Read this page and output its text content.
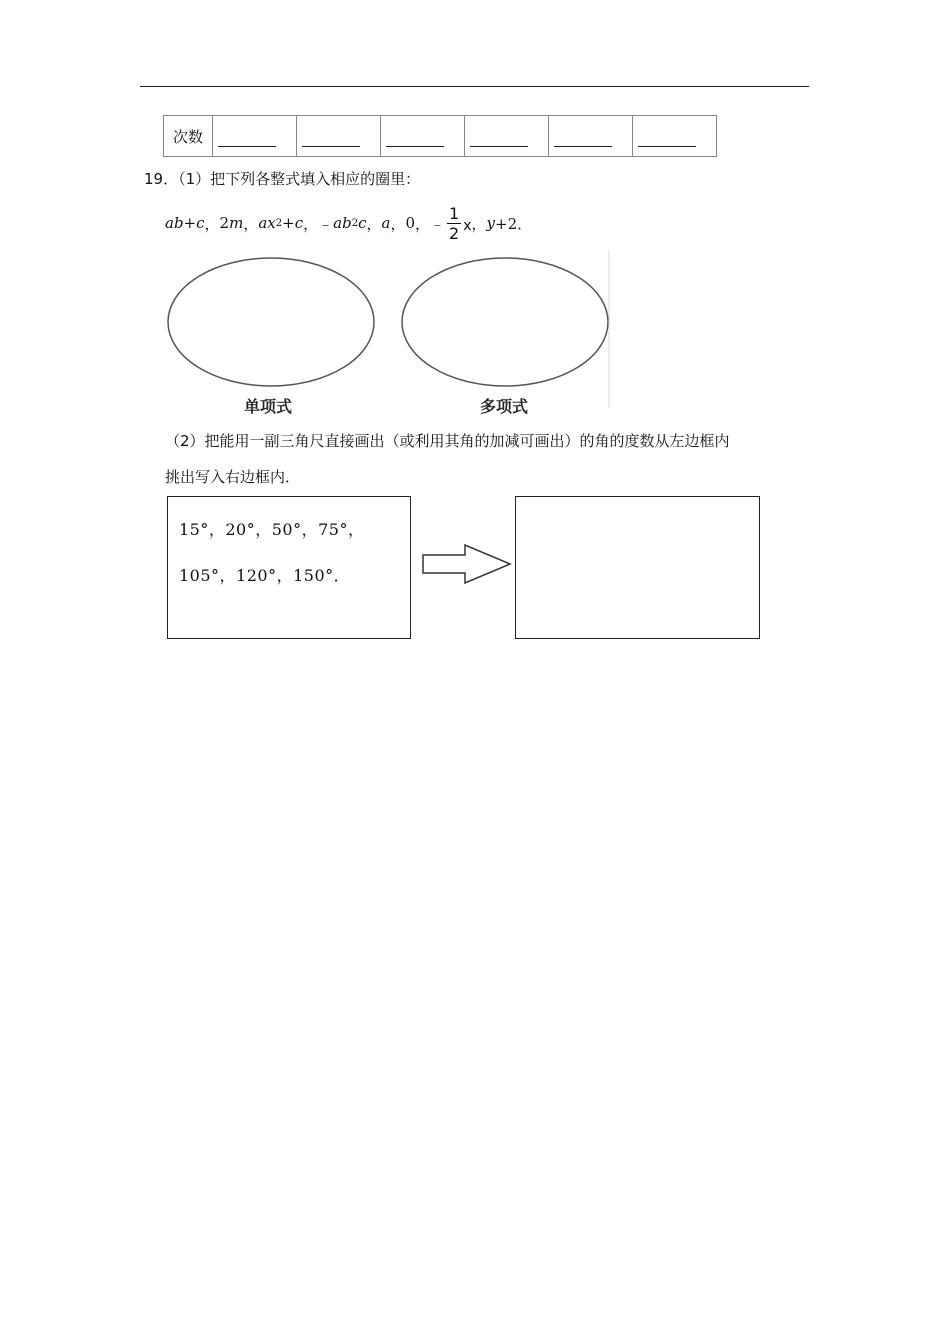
次数	

19．（1）把下列各整式填入相应的圈里：
ab + c ， 2 m ， ax 2 + c ， ﹣ ab 2 c ， a ， 0 ， ﹣ $\frac{1}{2}$ x ， y +2．
单项式	多项式
（2）把能用一副三角尺直接画出（或利用其角的加减可画出）的角的度数从左边框内
挑出写入右边框内．
15°，20°，50°，75°，
105°，120°，150°．
